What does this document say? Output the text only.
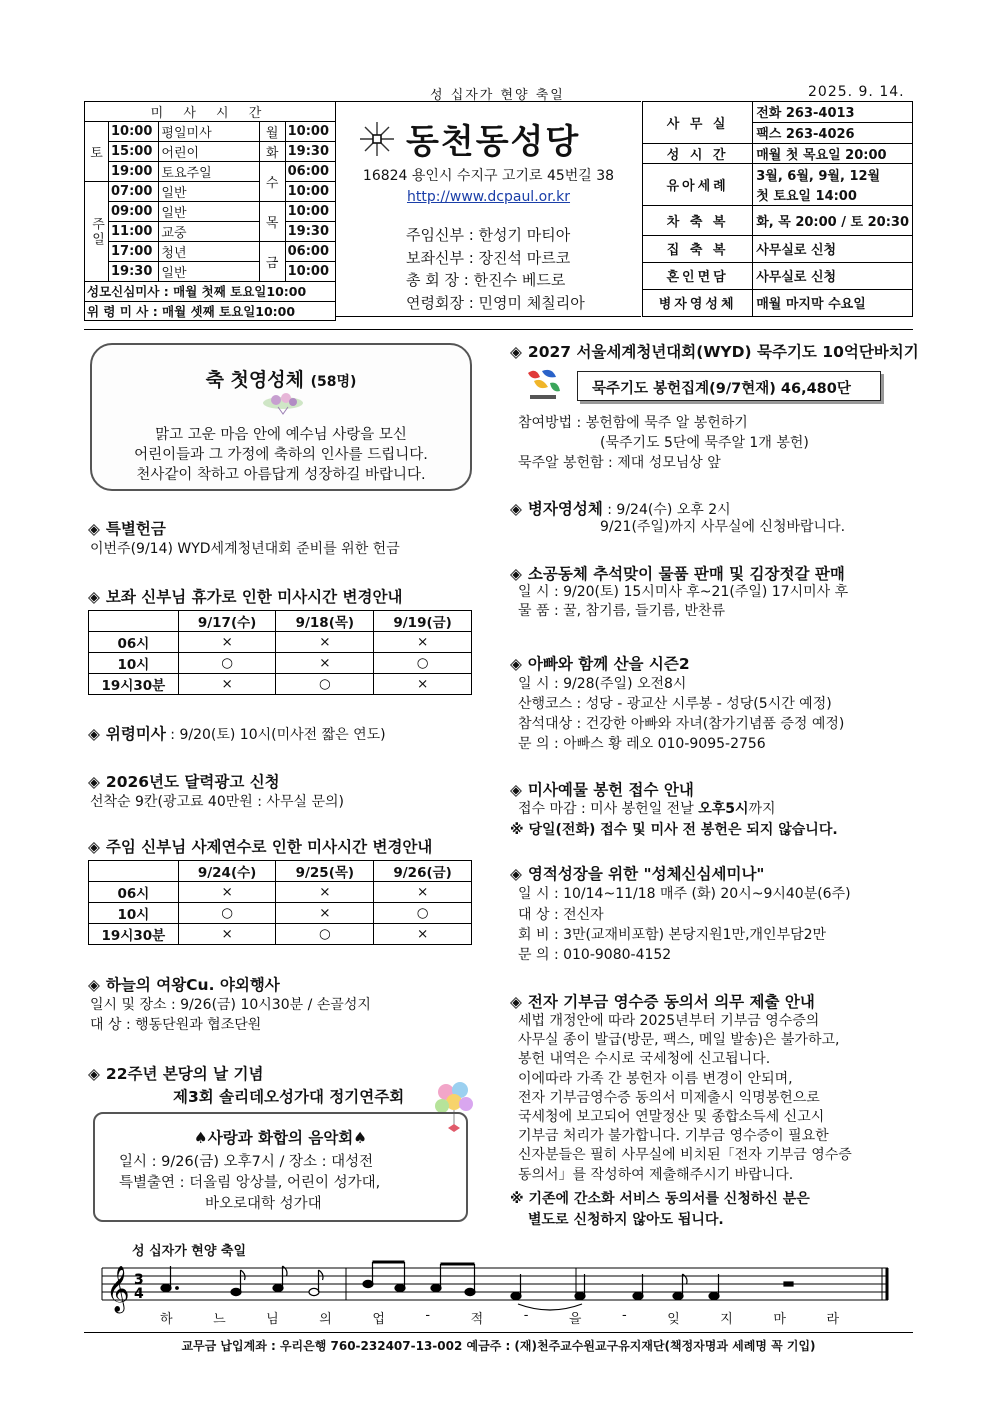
성 십자가 현양 축일	2025. 9. 14.
미 사 시 간				
토	10:00	평일미사	월	10:00
	15:00	어린이	화	19:30
	19:00	토요주일	수	06:00
주일	07:00	일반		10:00
	09:00	일반	목	10:00
	11:00	교중		19:30
	17:00	청년	금	06:00
	19:30	일반		10:00
성모신심미사 : 매월 첫째 토요일10:00				
위 령 미 사 : 매월 셋째 토요일10:00				
동천동성당
16824 용인시 수지구 고기로 45번길 38
http://www.dcpaul.or.kr
주임신부 : 한성기 마티아
보좌신부 : 장진석 마르코
총 회 장 : 한진수 베드로
연령회장 : 민영미 체칠리아
사 무 실	전화 263-4013
	팩스 263-4026
성 시 간	매월 첫 목요일 20:00
유아세례	3월, 6월, 9월, 12월
	첫 토요일 14:00
차 축 복	화, 목 20:00 / 토 20:30
집 축 복	사무실로 신청
혼인면담	사무실로 신청
병자영성체	매월 마지막 수요일
축 첫영성체 (58명)
맑고 고운 마음 안에 예수님 사랑을 모신
어린이들과 그 가정에 축하의 인사를 드립니다.
천사같이 착하고 아름답게 성장하길 바랍니다.
◈ 특별헌금
이번주(9/14) WYD세계청년대회 준비를 위한 헌금
◈ 보좌 신부님 휴가로 인한 미사시간 변경안내
	9/17(수)	9/18(목)	9/19(금)
06시	×	×	×
10시	○	×	○
19시30분	×	○	×
◈ 위령미사 : 9/20(토) 10시(미사전 짧은 연도)
◈ 2026년도 달력광고 신청
선착순 9칸(광고료 40만원 : 사무실 문의)
◈ 주임 신부님 사제연수로 인한 미사시간 변경안내
	9/24(수)	9/25(목)	9/26(금)
06시	×	×	×
10시	○	×	○
19시30분	×	○	×
◈ 하늘의 여왕Cu. 야외행사
일시 및 장소 : 9/26(금) 10시30분 / 손골성지
대 상 : 행동단원과 협조단원
◈ 22주년 본당의 날 기념
제3회 솔리데오성가대 정기연주회
♠사랑과 화합의 음악회♠
일시 : 9/26(금) 오후7시 / 장소 : 대성전
특별출연 : 더올림 앙상블, 어린이 성가대,
바오로대학 성가대
◈ 2027 서울세계청년대회(WYD) 묵주기도 10억단바치기
묵주기도 봉헌집계(9/7현재) 46,480단
참여방법 : 봉헌함에 묵주 알 봉헌하기
(묵주기도 5단에 묵주알 1개 봉헌)
묵주알 봉헌함 : 제대 성모님상 앞
◈ 병자영성체 : 9/24(수) 오후 2시
9/21(주일)까지 사무실에 신청바랍니다.
◈ 소공동체 추석맞이 물품 판매 및 김장젓갈 판매
일 시 : 9/20(토) 15시미사 후~21(주일) 17시미사 후
물 품 : 꿀, 참기름, 들기름, 반찬류
◈ 아빠와 함께 산을 시즌2
일 시 : 9/28(주일) 오전8시
산행코스 : 성당 - 광교산 시루봉 - 성당(5시간 예정)
참석대상 : 건강한 아빠와 자녀(참가기념품 증정 예정)
문 의 : 아빠스 황 레오 010-9095-2756
◈ 미사예물 봉헌 접수 안내
접수 마감 : 미사 봉헌일 전날 오후5시까지
※ 당일(전화) 접수 및 미사 전 봉헌은 되지 않습니다.
◈ 영적성장을 위한 "성체신심세미나"
일 시 : 10/14~11/18 매주 (화) 20시~9시40분(6주)
대 상 : 전신자
회 비 : 3만(교재비포함) 본당지원1만,개인부담2만
문 의 : 010-9080-4152
◈ 전자 기부금 영수증 동의서 의무 제출 안내
세법 개정안에 따라 2025년부터 기부금 영수증의
사무실 종이 발급(방문, 팩스, 메일 발송)은 불가하고,
봉헌 내역은 수시로 국세청에 신고됩니다.
이에따라 가족 간 봉헌자 이름 변경이 안되며,
전자 기부금영수증 동의서 미제출시 익명봉헌으로
국세청에 보고되어 연말정산 및 종합소득세 신고시
기부금 처리가 불가합니다. 기부금 영수증이 필요한
신자분들은 필히 사무실에 비치된「전자 기부금 영수증
동의서」를 작성하여 제출해주시기 바랍니다.
※ 기존에 간소화 서비스 동의서를 신청하신 분은
별도로 신청하지 않아도 됩니다.
성 십자가 현양 축일
𝄞 3
4
하	느	님	의	업	-	적	-	을	-	잊	지	마	라
교무금 납입계좌 : 우리은행 760-232407-13-002 예금주 : (재)천주교수원교구유지재단(책정자명과 세례명 꼭 기입)
